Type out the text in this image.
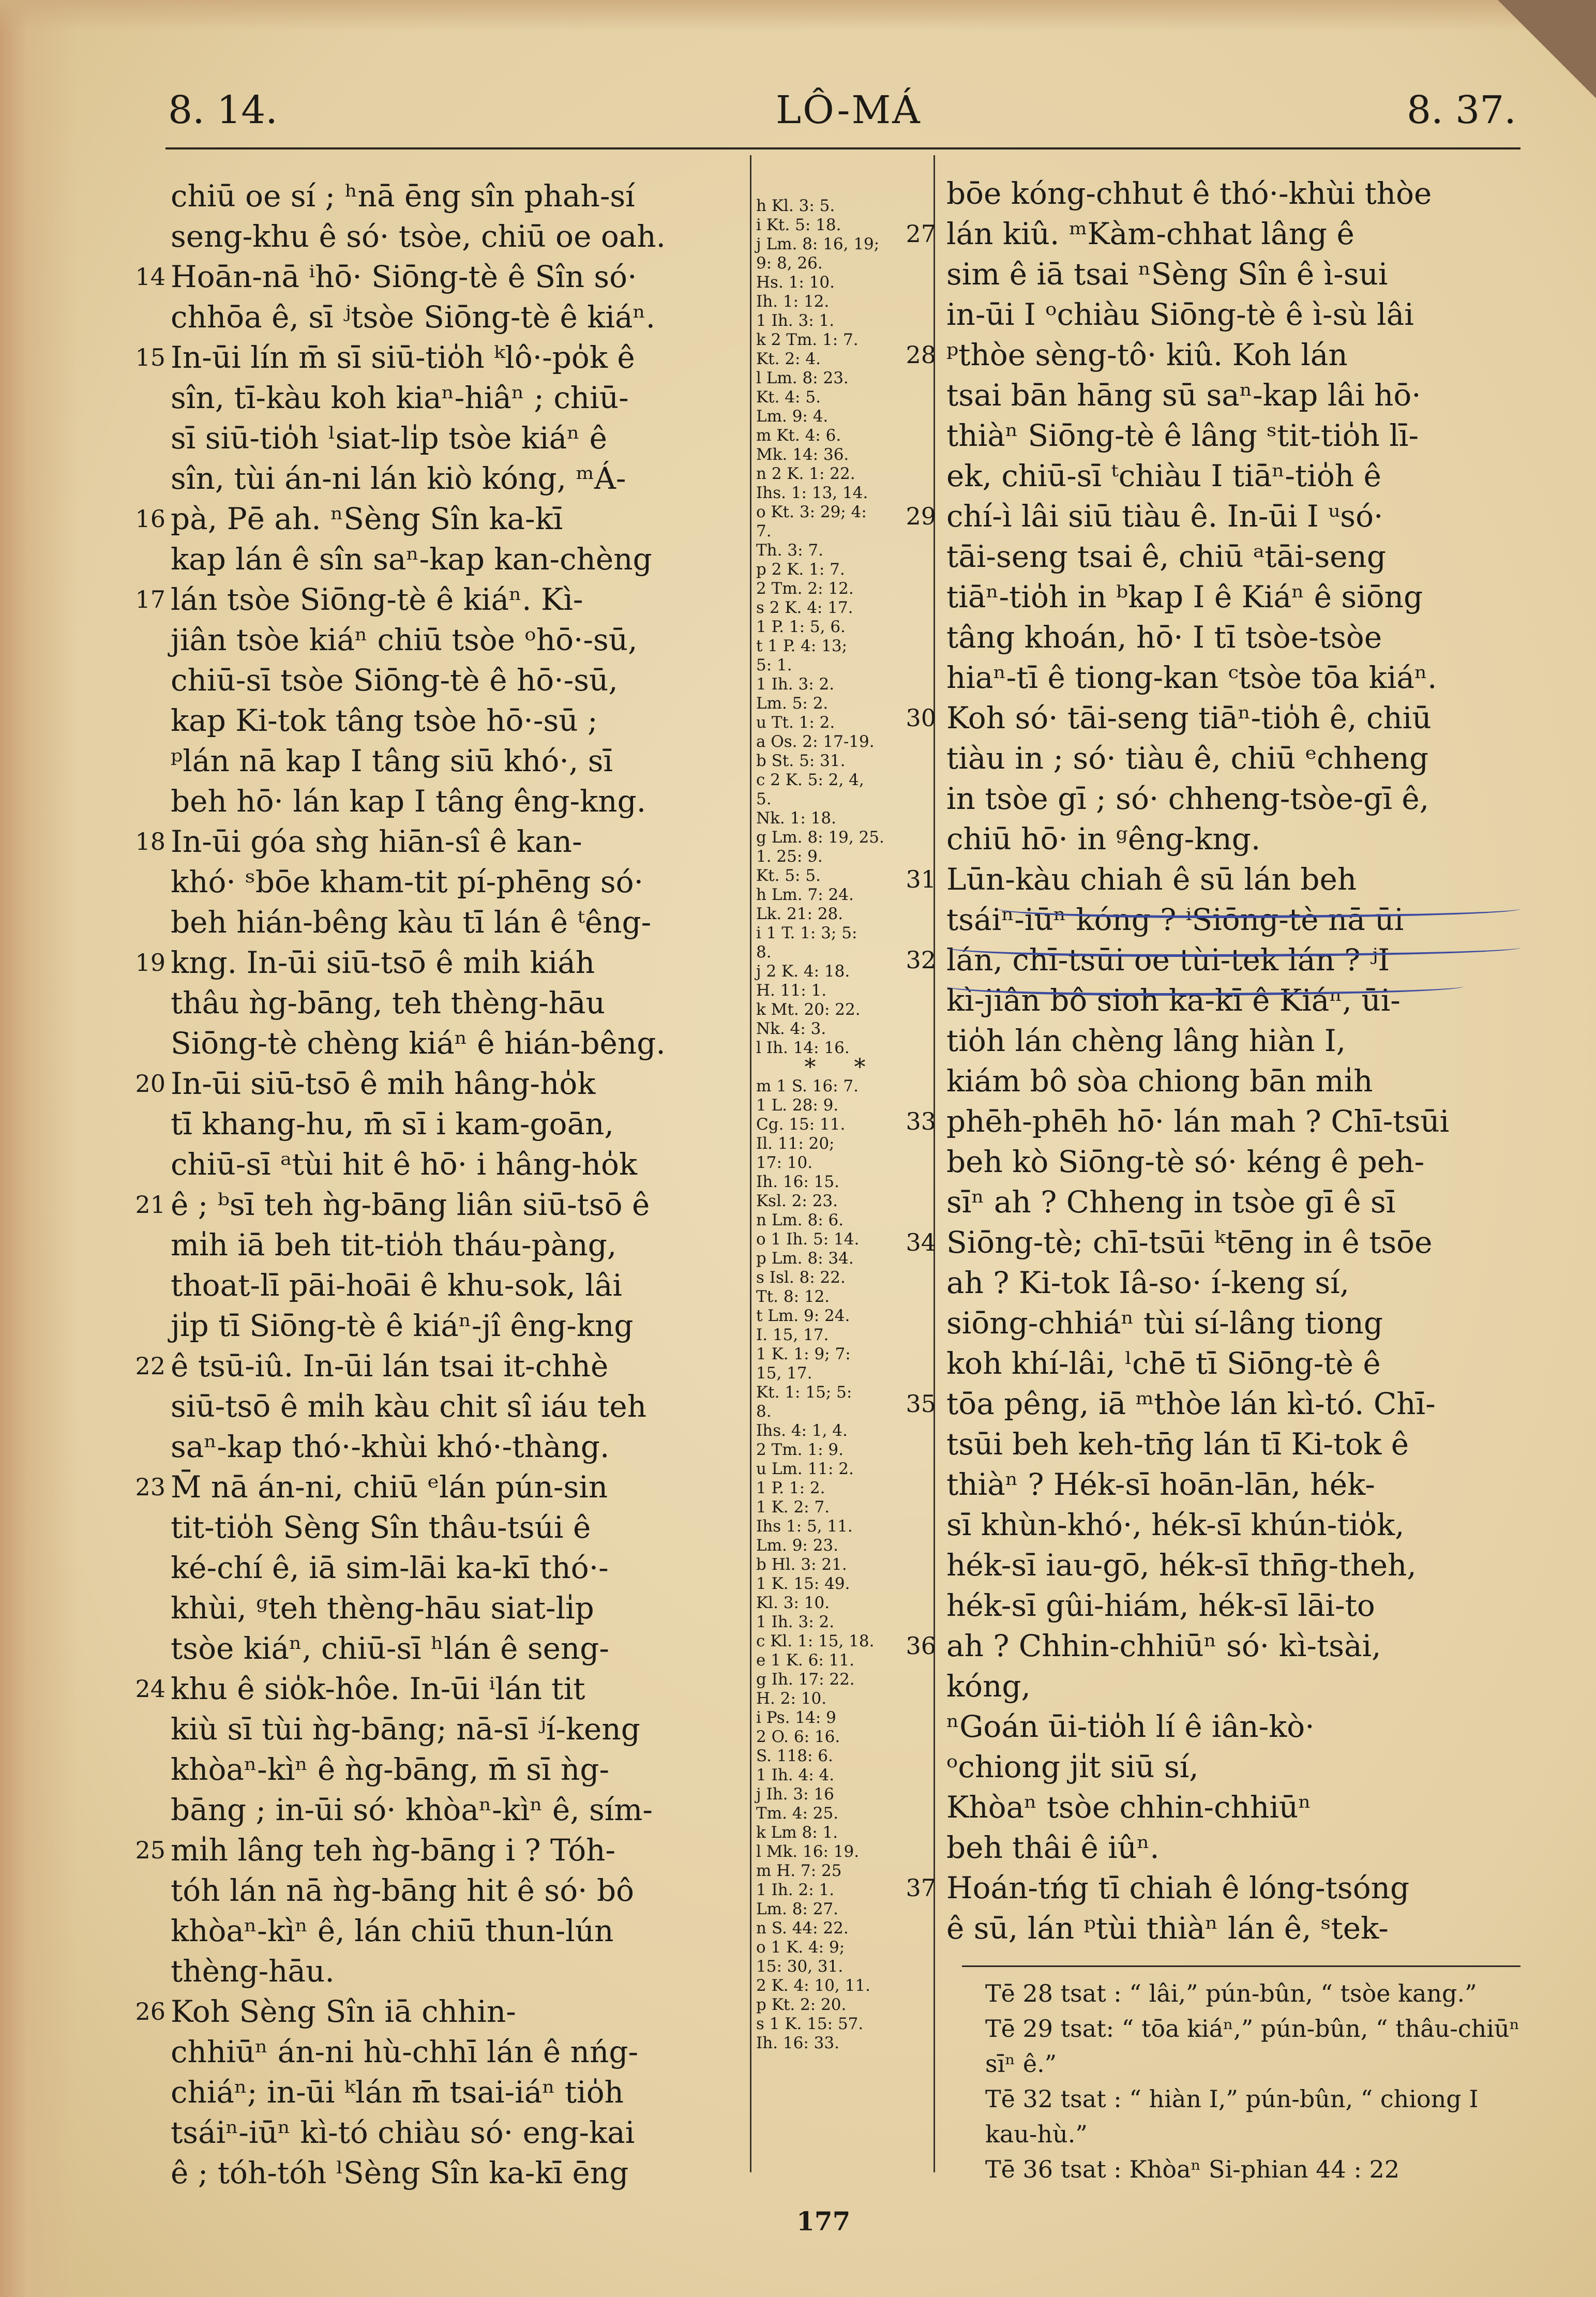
8. 14.	LÔ-MÁ	8. 37.
chiū oe sí ; ʰnā ēng sîn phah-sí
seng-khu ê só· tsòe, chiū oe oah.
14 Hoān-nā ⁱhō· Siōng-tè ê Sîn só·
chhōa ê, sī ʲtsòe Siōng-tè ê kiáⁿ.
15 In-ūi lín m̄ sī siū-tio̍h ᵏlô·-po̍k ê
sîn, tī-kàu koh kiaⁿ-hiâⁿ ; chiū-
sī siū-tio̍h ˡsiat-li̍p tsòe kiáⁿ ê
sîn, tùi án-ni lán kiò kóng, ᵐÁ-
16 pà, Pē ah. ⁿSèng Sîn ka-kī
kap lán ê sîn saⁿ-kap kan-chèng
17 lán tsòe Siōng-tè ê kiáⁿ. Kì-
jiân tsòe kiáⁿ chiū tsòe ᵒhō·-sū,
chiū-sī tsòe Siōng-tè ê hō·-sū,
kap Ki-tok tâng tsòe hō·-sū ;
ᵖlán nā kap I tâng siū khó·, sī
beh hō· lán kap I tâng êng-kng.
18 In-ūi góa sǹg hiān-sî ê kan-
khó· ˢbōe kham-tit pí-phēng só·
beh hián-bêng kàu tī lán ê ᵗêng-
19 kng. In-ūi siū-tsō ê mi̍h kiáh
thâu ǹg-bāng, teh thèng-hāu
Siōng-tè chèng kiáⁿ ê hián-bêng.
20 In-ūi siū-tsō ê mi̍h hâng-ho̍k
tī khang-hu, m̄ sī i kam-goān,
chiū-sī ᵃtùi hit ê hō· i hâng-ho̍k
21 ê ; ᵇsī teh ǹg-bāng liân siū-tsō ê
mi̍h iā beh tit-tio̍h tháu-pàng,
thoat-lī pāi-hoāi ê khu-sok, lâi
ji̍p tī Siōng-tè ê kiáⁿ-jî êng-kng
22 ê tsū-iû. In-ūi lán tsai it-chhè
siū-tsō ê mi̍h kàu chit sî iáu teh
saⁿ-kap thó·-khùi khó·-thàng.
23 M̄ nā án-ni, chiū ᵉlán pún-sin
tit-tio̍h Sèng Sîn thâu-tsúi ê
ké-chí ê, iā sim-lāi ka-kī thó·-
khùi, ᵍteh thèng-hāu siat-li̍p
tsòe kiáⁿ, chiū-sī ʰlán ê seng-
24 khu ê sio̍k-hôe. In-ūi ⁱlán tit
kiù sī tùi ǹg-bāng; nā-sī ʲí-keng
khòaⁿ-kìⁿ ê ǹg-bāng, m̄ sī ǹg-
bāng ; in-ūi só· khòaⁿ-kìⁿ ê, sím-
25 mi̍h lâng teh ǹg-bāng i ? Tóh-
tóh lán nā ǹg-bāng hit ê só· bô
khòaⁿ-kìⁿ ê, lán chiū thun-lún
thèng-hāu.
26 Koh Sèng Sîn iā chhin-
chhiūⁿ án-ni hù-chhī lán ê nńg-
chiáⁿ; in-ūi ᵏlán m̄ tsai-iáⁿ tio̍h
tsáiⁿ-iūⁿ kì-tó chiàu só· eng-kai
ê ; tóh-tóh ˡSèng Sîn ka-kī ēng
h Kl. 3: 5.
i Kt. 5: 18.
j Lm. 8: 16, 19;
9: 8, 26.
Hs. 1: 10.
Ih. 1: 12.
1 Ih. 3: 1.
k 2 Tm. 1: 7.
Kt. 2: 4.
l Lm. 8: 23.
Kt. 4: 5.
Lm. 9: 4.
m Kt. 4: 6.
Mk. 14: 36.
n 2 K. 1: 22.
Ihs. 1: 13, 14.
o Kt. 3: 29; 4:
7.
Th. 3: 7.
p 2 K. 1: 7.
2 Tm. 2: 12.
s 2 K. 4: 17.
1 P. 1: 5, 6.
t 1 P. 4: 13;
5: 1.
1 Ih. 3: 2.
Lm. 5: 2.
u Tt. 1: 2.
a Os. 2: 17-19.
b St. 5: 31.
c 2 K. 5: 2, 4,
5.
Nk. 1: 18.
g Lm. 8: 19, 25.
1. 25: 9.
Kt. 5: 5.
h Lm. 7: 24.
Lk. 21: 28.
i 1 T. 1: 3; 5:
8.
j 2 K. 4: 18.
H. 11: 1.
k Mt. 20: 22.
Nk. 4: 3.
l Ih. 14: 16.
* *
m 1 S. 16: 7.
1 L. 28: 9.
Cg. 15: 11.
Il. 11: 20;
17: 10.
Ih. 16: 15.
Ksl. 2: 23.
n Lm. 8: 6.
o 1 Ih. 5: 14.
p Lm. 8: 34.
s Isl. 8: 22.
Tt. 8: 12.
t Lm. 9: 24.
I. 15, 17.
1 K. 1: 9; 7:
15, 17.
Kt. 1: 15; 5:
8.
Ihs. 4: 1, 4.
2 Tm. 1: 9.
u Lm. 11: 2.
1 P. 1: 2.
1 K. 2: 7.
Ihs 1: 5, 11.
Lm. 9: 23.
b Hl. 3: 21.
1 K. 15: 49.
Kl. 3: 10.
1 Ih. 3: 2.
c Kl. 1: 15, 18.
e 1 K. 6: 11.
g Ih. 17: 22.
H. 2: 10.
i Ps. 14: 9
2 O. 6: 16.
S. 118: 6.
1 Ih. 4: 4.
j Ih. 3: 16
Tm. 4: 25.
k Lm 8: 1.
l Mk. 16: 19.
m H. 7: 25
1 Ih. 2: 1.
Lm. 8: 27.
n S. 44: 22.
o 1 K. 4: 9;
15: 30, 31.
2 K. 4: 10, 11.
p Kt. 2: 20.
s 1 K. 15: 57.
Ih. 16: 33.
bōe kóng-chhut ê thó·-khùi thòe
27 lán kiû. ᵐKàm-chhat lâng ê
sim ê iā tsai ⁿSèng Sîn ê ì-sui
in-ūi I ᵒchiàu Siōng-tè ê ì-sù lâi
28 ᵖthòe sèng-tô· kiû. Koh lán
tsai bān hāng sū saⁿ-kap lâi hō·
thiàⁿ Siōng-tè ê lâng ˢtit-tio̍h lī-
ek, chiū-sī ᵗchiàu I tiāⁿ-tio̍h ê
29 chí-ì lâi siū tiàu ê. In-ūi I ᵘsó·
tāi-seng tsai ê, chiū ᵃtāi-seng
tiāⁿ-tio̍h in ᵇkap I ê Kiáⁿ ê siōng
tâng khoán, hō· I tī tsòe-tsòe
hiaⁿ-tī ê tiong-kan ᶜtsòe tōa kiáⁿ.
30 Koh só· tāi-seng tiāⁿ-tio̍h ê, chiū
tiàu in ; só· tiàu ê, chiū ᵉchheng
in tsòe gī ; só· chheng-tsòe-gī ê,
chiū hō· in ᵍêng-kng.
31 Lūn-kàu chiah ê sū lán beh
tsáiⁿ-iūⁿ kóng ? ⁱSiōng-tè nā ūi
32 lán, chī-tsūi oe tùi-tek lán ? ʲI
kì-jiân bô sioh ka-kī ê Kiáⁿ, ūi-
tio̍h lán chèng lâng hiàn I,
kiám bô sòa chiong bān mi̍h
33 phēh-phēh hō· lán mah ? Chī-tsūi
beh kò Siōng-tè só· kéng ê peh-
sīⁿ ah ? Chheng in tsòe gī ê sī
34 Siōng-tè; chī-tsūi ᵏtēng in ê tsōe
ah ? Ki-tok Iâ-so· í-keng sí,
siōng-chhiáⁿ tùi sí-lâng tiong
koh khí-lâi, ˡchē tī Siōng-tè ê
35 tōa pêng, iā ᵐthòe lán kì-tó. Chī-
tsūi beh keh-tn̄g lán tī Ki-tok ê
thiàⁿ ? Hék-sī hoān-lān, hék-
sī khùn-khó·, hék-sī khún-tio̍k,
hék-sī iau-gō, hék-sī thn̄g-theh,
hék-sī gûi-hiám, hék-sī lāi-to
36 ah ? Chhin-chhiūⁿ só· kì-tsài,
kóng,
ⁿGoán ūi-tio̍h lí ê iân-kò·
ᵒchiong ji̍t siū sí,
Khòaⁿ tsòe chhin-chhiūⁿ
beh thâi ê iûⁿ.
37 Hoán-tńg tī chiah ê lóng-tsóng
ê sū, lán ᵖtùi thiàⁿ lán ê, ˢtek-
Tē 28 tsat : “ lâi,” pún-bûn, “ tsòe kang.”
Tē 29 tsat: “ tōa kiáⁿ,” pún-bûn, “ thâu-chiūⁿ sīⁿ ê.”
Tē 32 tsat : “ hiàn I,” pún-bûn, “ chiong I kau-hù.”
Tē 36 tsat : Khòaⁿ Si-phian 44 : 22
177
